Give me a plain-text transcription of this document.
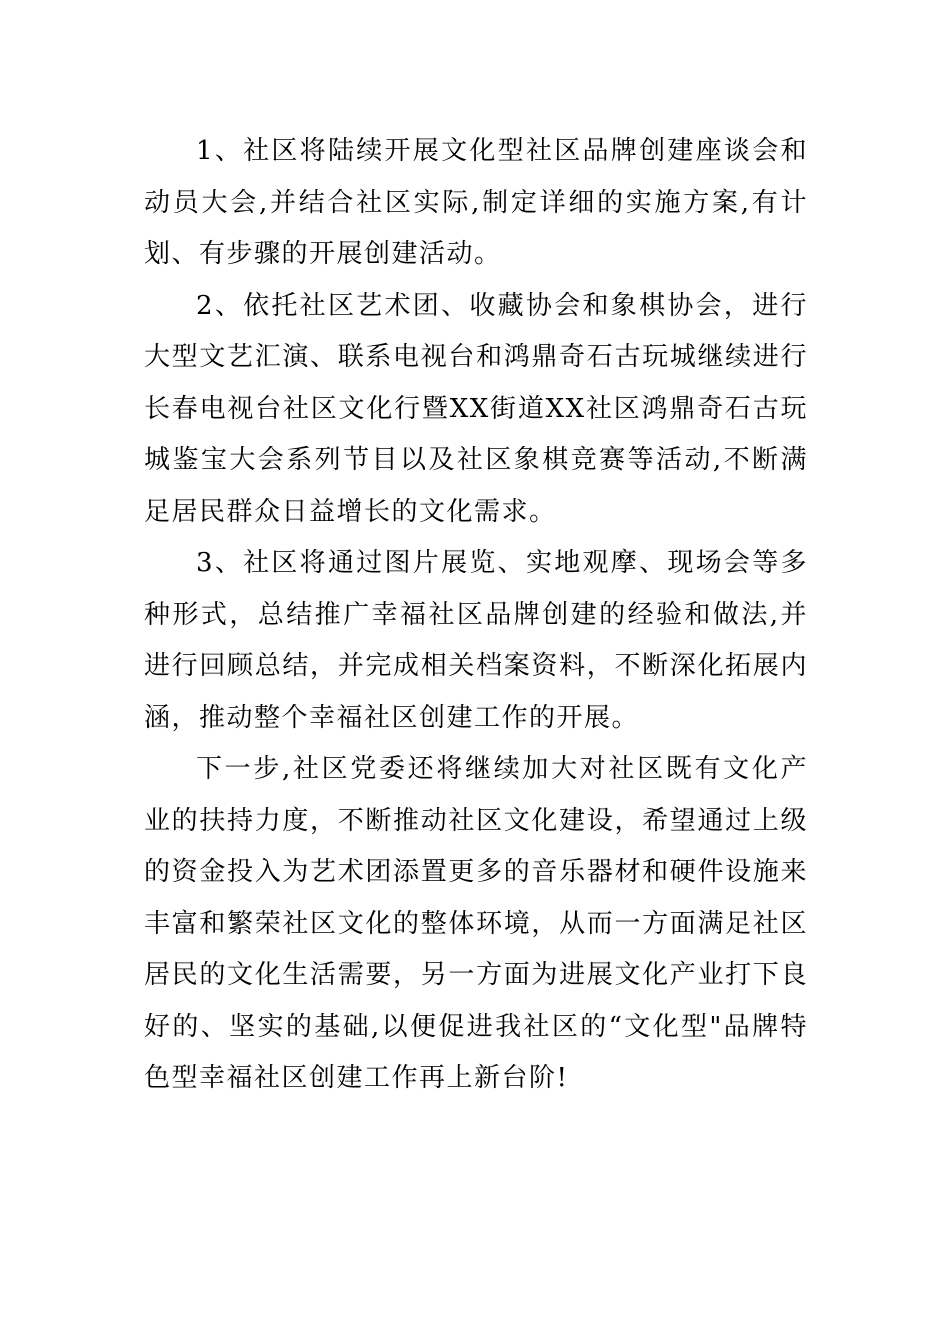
1、社区将陆续开展文化型社区品牌创建座谈会和动员大会,并结合社区实际,制定详细的实施方案,有计划、有步骤的开展创建活动。

2、依托社区艺术团、收藏协会和象棋协会，进行大型文艺汇演、联系电视台和鸿鼎奇石古玩城继续进行长春电视台社区文化行暨XX街道XX社区鸿鼎奇石古玩城鉴宝大会系列节目以及社区象棋竞赛等活动,不断满足居民群众日益增长的文化需求。

3、社区将通过图片展览、实地观摩、现场会等多种形式，总结推广幸福社区品牌创建的经验和做法,并进行回顾总结，并完成相关档案资料，不断深化拓展内涵，推动整个幸福社区创建工作的开展。

下一步,社区党委还将继续加大对社区既有文化产业的扶持力度，不断推动社区文化建设，希望通过上级的资金投入为艺术团添置更多的音乐器材和硬件设施来丰富和繁荣社区文化的整体环境，从而一方面满足社区居民的文化生活需要，另一方面为进展文化产业打下良好的、坚实的基础,以便促进我社区的“文化型"品牌特色型幸福社区创建工作再上新台阶!
